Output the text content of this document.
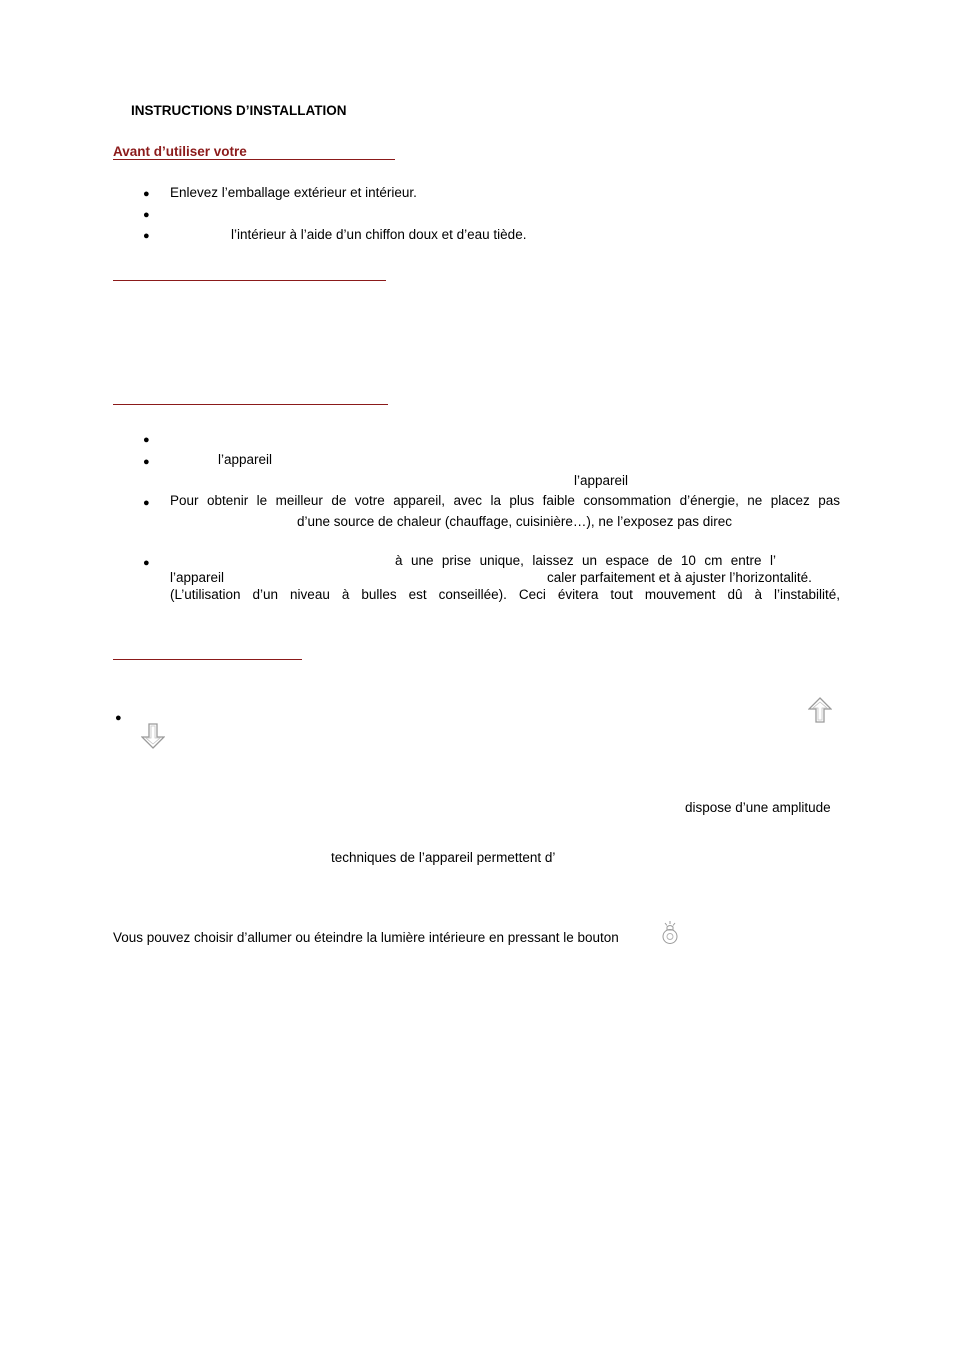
INSTRUCTIONS D’INSTALLATION
Avant d’utiliser votre
● Enlevez l’emballage extérieur et intérieur.
●
●	l’intérieur à l’aide d’un chiffon doux et d’eau tiède.
●
●	l’appareil
l’appareil
● Pour obtenir le meilleur de votre appareil, avec la plus faible consommation d’énergie, ne placez pas
d’une source de chaleur (chauffage, cuisinière…), ne l’exposez pas direc
●	à une prise unique, laissez un espace de 10 cm entre l’
l’appareil	caler parfaitement et à ajuster l’horizontalité.
(L’utilisation d’un niveau à bulles est conseillée). Ceci évitera tout mouvement dû à l’instabilité,
●
dispose d’une amplitude
techniques de l’appareil permettent d’
Vous pouvez choisir d’allumer ou éteindre la lumière intérieure en pressant le bouton
